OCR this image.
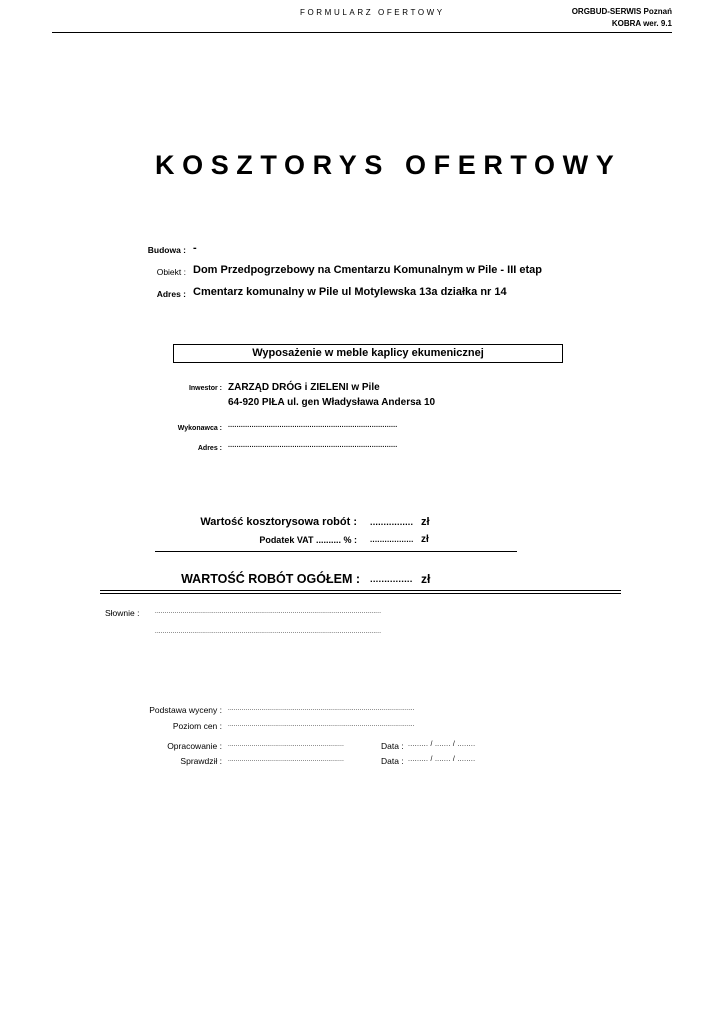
FORMULARZ OFERTOWY	ORGBUD-SERWIS Poznań
KOBRA wer. 9.1
KOSZTORYS OFERTOWY
Budowa : -
Obiekt : Dom Przedpogrzebowy na Cmentarzu Komunalnym w Pile - III etap
Adres : Cmentarz komunalny w Pile ul Motylewska 13a działka nr 14
Wyposażenie w meble kaplicy ekumenicznej
Inwestor : ZARZĄD DRÓG i ZIELENI w Pile
64-920 PIŁA ul. gen Władysława Andersa 10
Wykonawca : ...............................................................................
Adres : ...............................................................................
Wartość kosztorysowa robót : ................ zł
Podatek VAT .......... % : .................. zł
WARTOŚĆ ROBÓT OGÓŁEM : ............... zł
Słownie :	...................................................................................................................
...................................................................................................................
Podstawa wyceny : ...............................................................................................
Poziom cen : ...............................................................................................
Opracowanie : ...........................................................	Data : ......... / ....... / ........
Sprawdził : ...........................................................	Data : ......... / ....... / ........
